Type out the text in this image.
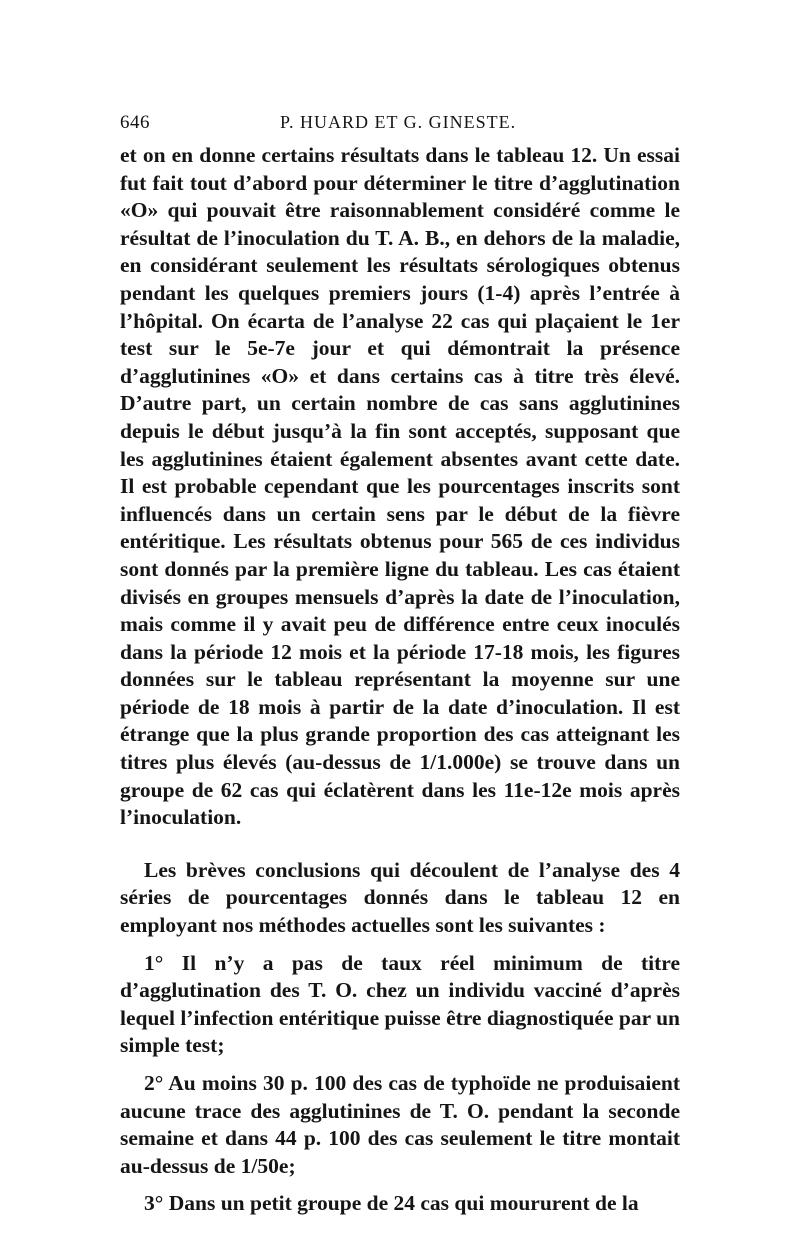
646	P. HUARD ET G. GINESTE.

et on en donne certains résultats dans le tableau 12. Un essai fut fait tout d’abord pour déterminer le titre d’agglutination «O» qui pouvait être raisonnablement considéré comme le résultat de l’inoculation du T. A. B., en dehors de la maladie, en considérant seulement les résultats sérologiques obtenus pendant les quelques premiers jours (1-4) après l’entrée à l’hôpital. On écarta de l’analyse 22 cas qui plaçaient le 1er test sur le 5e-7e jour et qui démontrait la présence d’agglutinines «O» et dans certains cas à titre très élevé. D’autre part, un certain nombre de cas sans agglutinines depuis le début jusqu’à la fin sont acceptés, supposant que les agglutinines étaient également absentes avant cette date. Il est probable cependant que les pourcentages inscrits sont influencés dans un certain sens par le début de la fièvre entéritique. Les résultats obtenus pour 565 de ces individus sont donnés par la première ligne du tableau. Les cas étaient divisés en groupes mensuels d’après la date de l’inoculation, mais comme il y avait peu de différence entre ceux inoculés dans la période 12 mois et la période 17-18 mois, les figures données sur le tableau représentant la moyenne sur une période de 18 mois à partir de la date d’inoculation. Il est étrange que la plus grande proportion des cas atteignant les titres plus élevés (au-dessus de 1/1.000e) se trouve dans un groupe de 62 cas qui éclatèrent dans les 11e-12e mois après l’inoculation.

Les brèves conclusions qui découlent de l’analyse des 4 séries de pourcentages donnés dans le tableau 12 en employant nos méthodes actuelles sont les suivantes :

1° Il n’y a pas de taux réel minimum de titre d’agglutination des T. O. chez un individu vacciné d’après lequel l’infection entéritique puisse être diagnostiquée par un simple test;

2° Au moins 30 p. 100 des cas de typhoïde ne produisaient aucune trace des agglutinines de T. O. pendant la seconde semaine et dans 44 p. 100 des cas seulement le titre montait au-dessus de 1/50e;

3° Dans un petit groupe de 24 cas qui moururent de la
